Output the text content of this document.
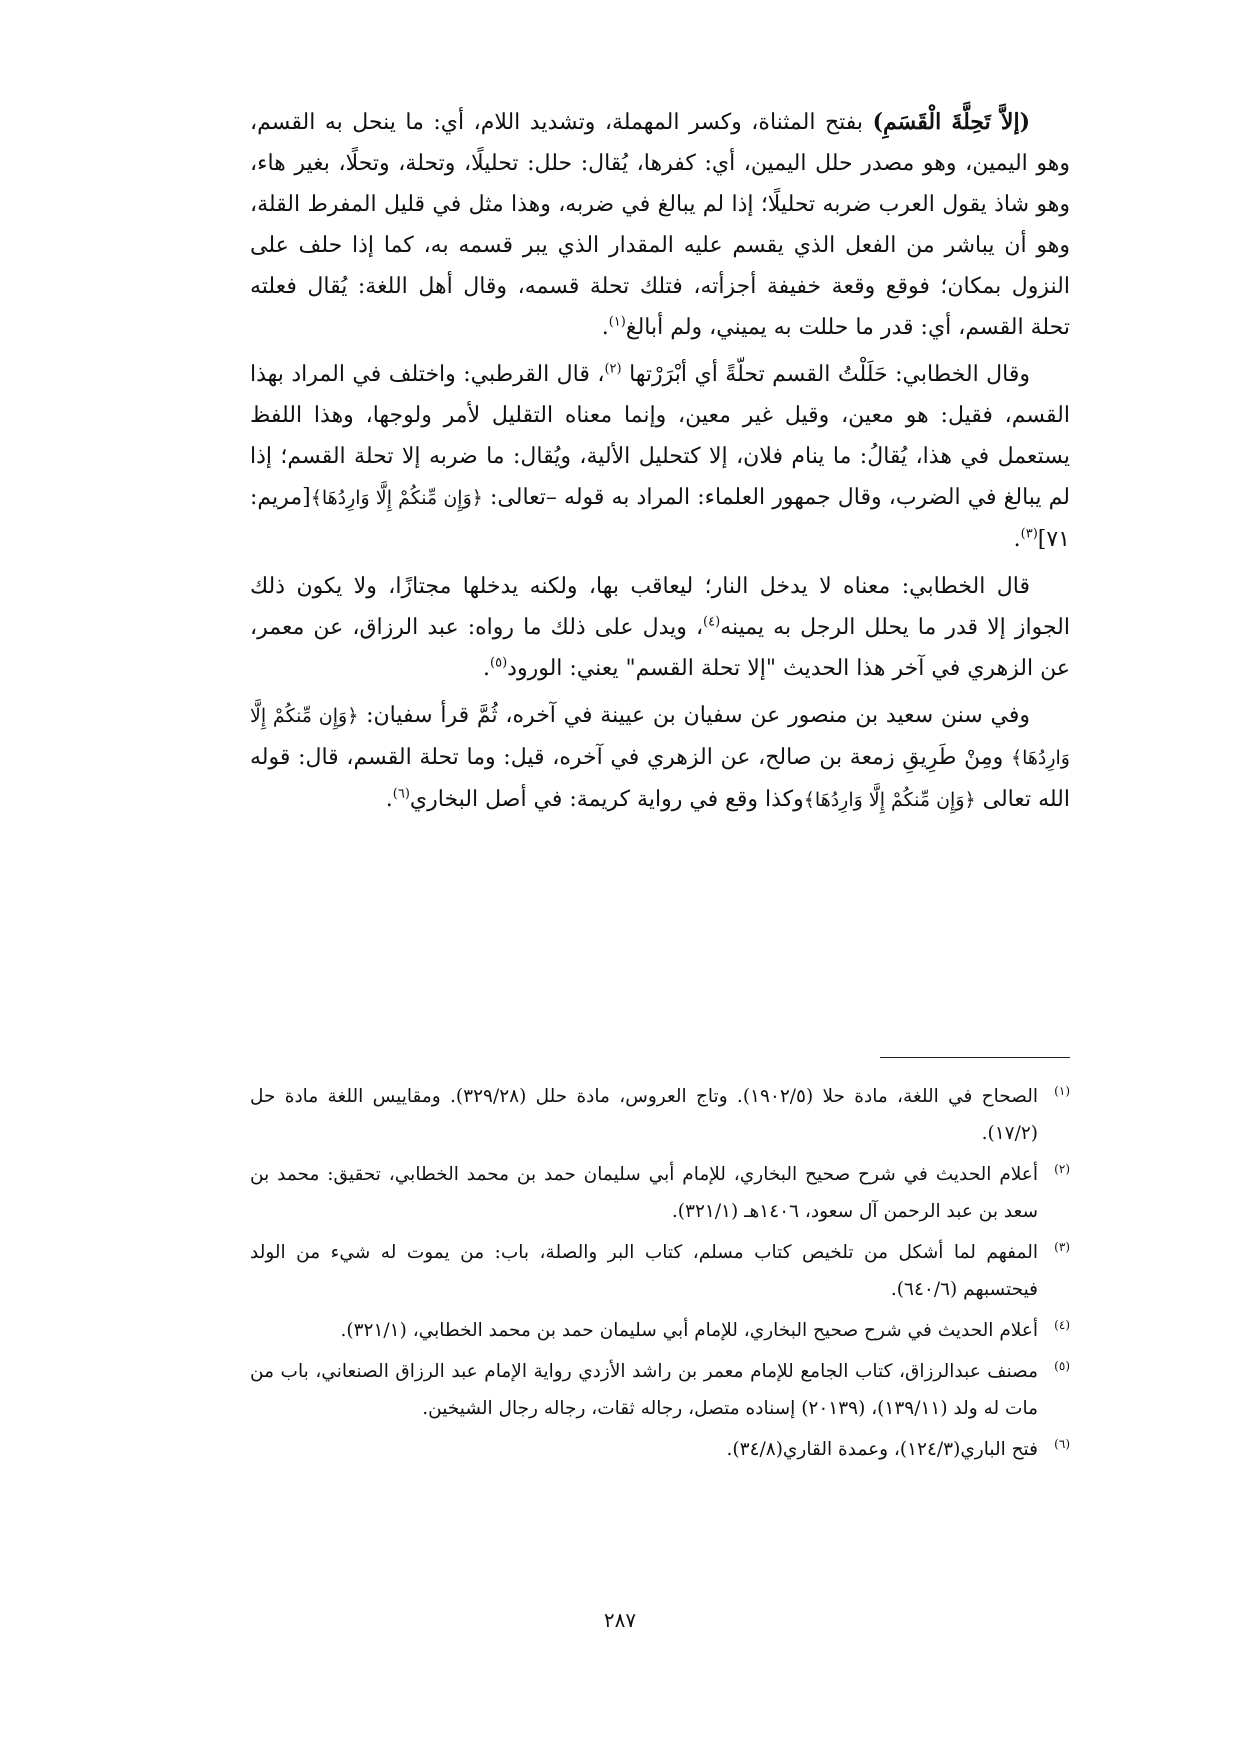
(إلاَّ تَحِلَّةَ الْقَسَمِ) بفتح المثناة، وكسر المهملة، وتشديد اللام، أي: ما ينحل به القسم، وهو اليمين، وهو مصدر حلل اليمين، أي: كفرها، يُقال: حلل: تحليلًا، وتحلة، وتحلًا، بغير هاء، وهو شاذ يقول العرب ضربه تحليلًا؛ إذا لم يبالغ في ضربه، وهذا مثل في قليل المفرط القلة، وهو أن يباشر من الفعل الذي يقسم عليه المقدار الذي يبر قسمه به، كما إذا حلف على النزول بمكان؛ فوقع وقعة خفيفة أجزأته، فتلك تحلة قسمه، وقال أهل اللغة: يُقال فعلته تحلة القسم، أي: قدر ما حللت به يميني، ولم أبالغ$^{(١)}$.

وقال الخطابي: حَلَلْتُ القسم تحلّةً أي أبْرَرْتها $^{(٢)}$، قال القرطبي: واختلف في المراد بهذا القسم، فقيل: هو معين، وقيل غير معين، وإنما معناه التقليل لأمر ولوجها، وهذا اللفظ يستعمل في هذا، يُقالُ: ما ينام فلان، إلا كتحليل الألية، ويُقال: ما ضربه إلا تحلة القسم؛ إذا لم يبالغ في الضرب، وقال جمهور العلماء: المراد به قوله –تعالى: ﴿وَإِن مِّنكُمْ إِلَّا وَارِدُهَا﴾[مريم: ٧١]$^{(٣)}$.

قال الخطابي: معناه لا يدخل النار؛ ليعاقب بها، ولكنه يدخلها مجتازًا، ولا يكون ذلك الجواز إلا قدر ما يحلل الرجل به يمينه$^{(٤)}$، ويدل على ذلك ما رواه: عبد الرزاق، عن معمر، عن الزهري في آخر هذا الحديث "إلا تحلة القسم" يعني: الورود$^{(٥)}$.

وفي سنن سعيد بن منصور عن سفيان بن عيينة في آخره، ثُمَّ قرأ سفيان: ﴿وَإِن مِّنكُمْ إِلَّا وَارِدُهَا﴾ ومِنْ طَرِيقِ زمعة بن صالح، عن الزهري في آخره، قيل: وما تحلة القسم، قال: قوله الله تعالى ﴿وَإِن مِّنكُمْ إِلَّا وَارِدُهَا﴾وكذا وقع في رواية كريمة: في أصل البخاري$^{(٦)}$.

(١)
الصحاح في اللغة، مادة حلا (١٩٠٢/٥). وتاج العروس، مادة حلل (٣٢٩/٢٨). ومقاييس اللغة مادة حل (١٧/٢).
(٢)
أعلام الحديث في شرح صحيح البخاري، للإمام أبي سليمان حمد بن محمد الخطابي، تحقيق: محمد بن سعد بن عبد الرحمن آل سعود، ١٤٠٦هـ (٣٢١/١).
(٣)
المفهم لما أشكل من تلخيص كتاب مسلم، كتاب البر والصلة، باب: من يموت له شيء من الولد فيحتسبهم (٦٤٠/٦).
(٤)
أعلام الحديث في شرح صحيح البخاري، للإمام أبي سليمان حمد بن محمد الخطابي، (٣٢١/١).
(٥)
مصنف عبدالرزاق، كتاب الجامع للإمام معمر بن راشد الأزدي رواية الإمام عبد الرزاق الصنعاني، باب من مات له ولد (١٣٩/١١)، (٢٠١٣٩) إسناده متصل، رجاله ثقات، رجاله رجال الشيخين.
(٦)
فتح الباري(١٢٤/٣)، وعمدة القاري(٣٤/٨).
٢٨٧
